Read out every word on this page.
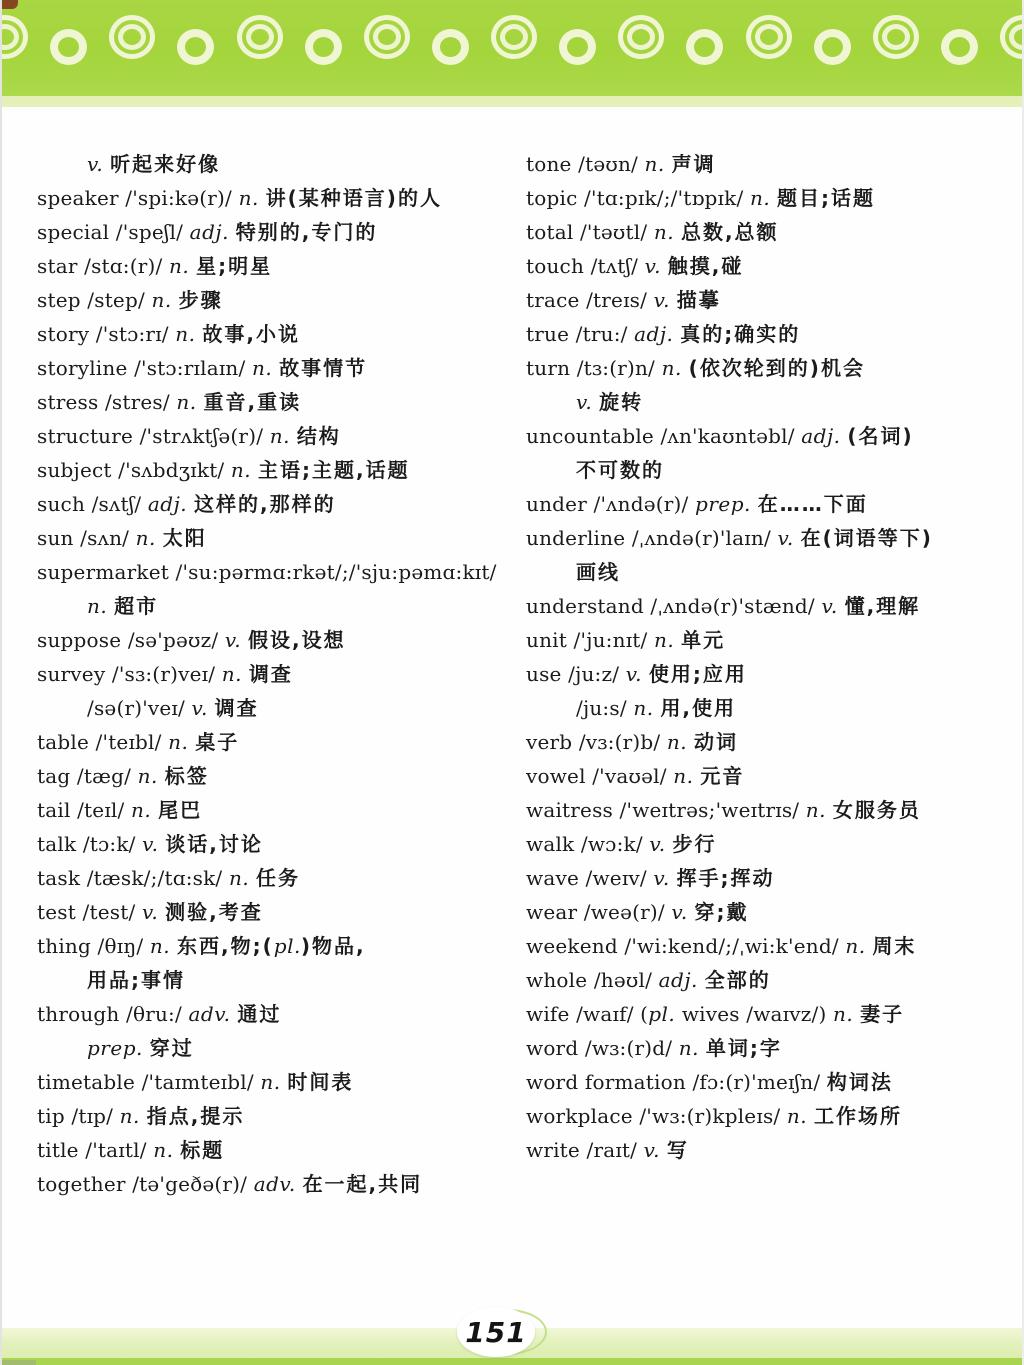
v. 听起来好像
speaker /'spi:kə(r)/ n. 讲(某种语言)的人
special /'speʃl/ adj. 特别的,专门的
star /stɑ:(r)/ n. 星;明星
step /step/ n. 步骤
story /'stɔ:rɪ/ n. 故事,小说
storyline /'stɔ:rɪlaɪn/ n. 故事情节
stress /stres/ n. 重音,重读
structure /'strʌktʃə(r)/ n. 结构
subject /'sʌbdʒɪkt/ n. 主语;主题,话题
such /sʌtʃ/ adj. 这样的,那样的
sun /sʌn/ n. 太阳
supermarket /'su:pərmɑ:rkət/;/'sju:pəmɑ:kɪt/
n. 超市
suppose /sə'pəʊz/ v. 假设,设想
survey /'sɜ:(r)veɪ/ n. 调查
/sə(r)'veɪ/ v. 调查
table /'teɪbl/ n. 桌子
tag /tæg/ n. 标签
tail /teɪl/ n. 尾巴
talk /tɔ:k/ v. 谈话,讨论
task /tæsk/;/tɑ:sk/ n. 任务
test /test/ v. 测验,考查
thing /θɪŋ/ n. 东西,物;(pl.)物品,
用品;事情
through /θru:/ adv. 通过
prep. 穿过
timetable /'taɪmteɪbl/ n. 时间表
tip /tɪp/ n. 指点,提示
title /'taɪtl/ n. 标题
together /tə'geðə(r)/ adv. 在一起,共同
tone /təʊn/ n. 声调
topic /'tɑ:pɪk/;/'tɒpɪk/ n. 题目;话题
total /'təʊtl/ n. 总数,总额
touch /tʌtʃ/ v. 触摸,碰
trace /treɪs/ v. 描摹
true /tru:/ adj. 真的;确实的
turn /tɜ:(r)n/ n. (依次轮到的)机会
v. 旋转
uncountable /ʌn'kaʊntəbl/ adj. (名词)
不可数的
under /'ʌndə(r)/ prep. 在……下面
underline /ˌʌndə(r)'laɪn/ v. 在(词语等下)
画线
understand /ˌʌndə(r)'stænd/ v. 懂,理解
unit /'ju:nɪt/ n. 单元
use /ju:z/ v. 使用;应用
/ju:s/ n. 用,使用
verb /vɜ:(r)b/ n. 动词
vowel /'vaʊəl/ n. 元音
waitress /'weɪtrəs;'weɪtrɪs/ n. 女服务员
walk /wɔ:k/ v. 步行
wave /weɪv/ v. 挥手;挥动
wear /weə(r)/ v. 穿;戴
weekend /'wi:kend/;/ˌwi:k'end/ n. 周末
whole /həʊl/ adj. 全部的
wife /waɪf/ (pl. wives /waɪvz/) n. 妻子
word /wɜ:(r)d/ n. 单词;字
word formation /fɔ:(r)'meɪʃn/ 构词法
workplace /'wɜ:(r)kpleɪs/ n. 工作场所
write /raɪt/ v. 写
151
